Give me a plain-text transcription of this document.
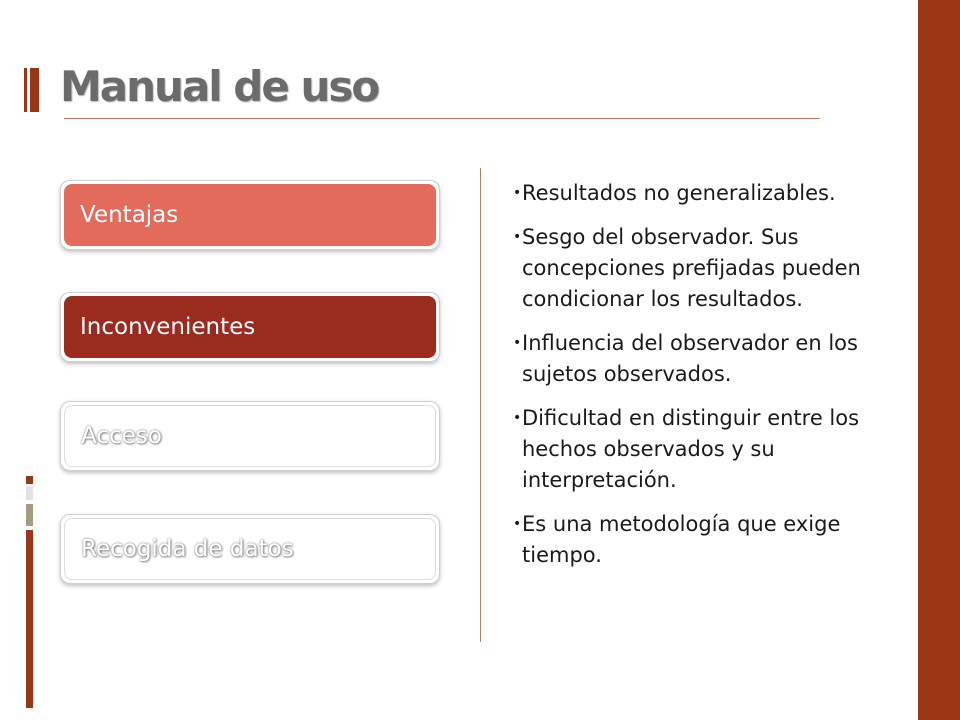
Manual de uso
Ventajas
Inconvenientes
Acceso
Recogida de datos
• Resultados no generalizables.
• Sesgo del observador. Sus concepciones prefijadas pueden condicionar los resultados.
• Influencia del observador en los sujetos observados.
• Dificultad en distinguir entre los hechos observados y su interpretación.
• Es una metodología que exige tiempo.
